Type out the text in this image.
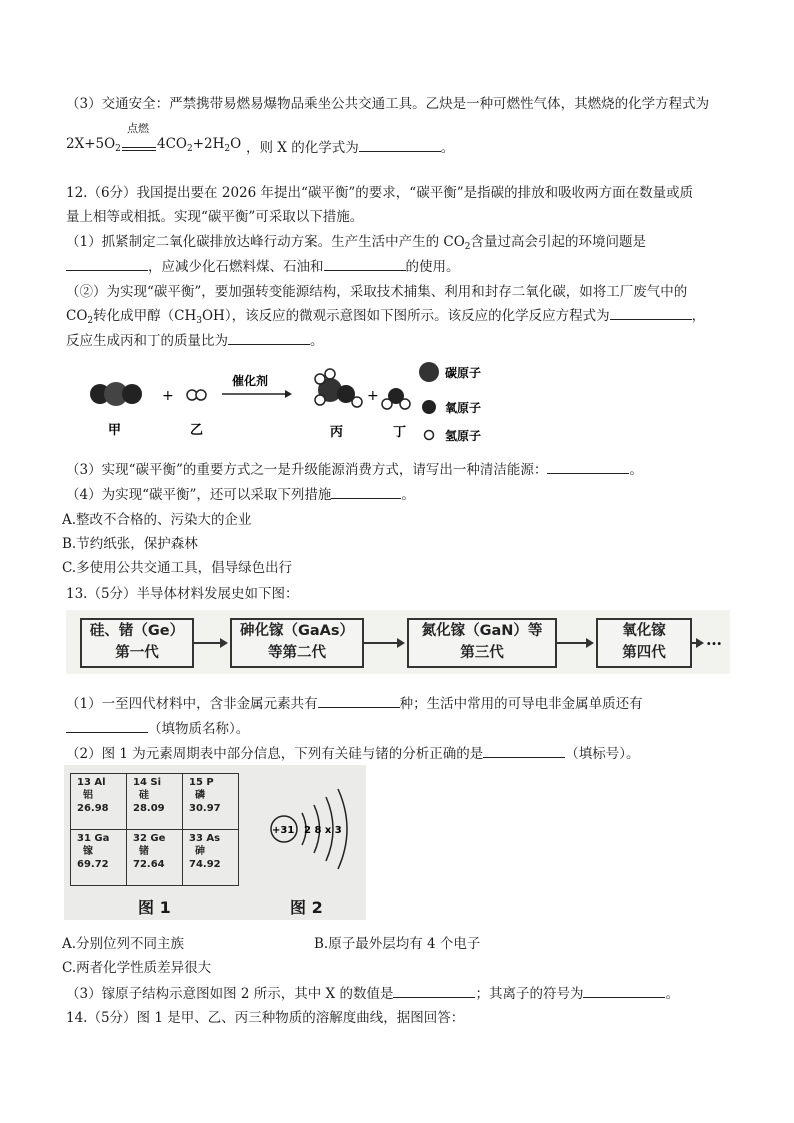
（3）交通安全：严禁携带易燃易爆物品乘坐公共交通工具。乙炔是一种可燃性气体，其燃烧的化学方程式为
$2X+5O_2$
点燃
$4CO_2+2H_2O$ ，则 X 的化学式为	。
12.（6分）我国提出要在 2026 年提出“碳平衡”的要求，“碳平衡”是指碳的排放和吸收两方面在数量或质
量上相等或相抵。实现“碳平衡”可采取以下措施。
（1）抓紧制定二氧化碳排放达峰行动方案。生产生活中产生的 $CO_2$含量过高会引起的环境问题是
，应减少化石燃料煤、石油和	的使用。
（②）为实现“碳平衡”，要加强转变能源结构，采取技术捕集、利用和封存二氧化碳，如将工厂废气中的
$CO_2$转化成甲醇$(CH_3OH)$，该反应的微观示意图如下图所示。该反应的化学反应方程式为	，
反应生成丙和丁的质量比为	。
+
催化剂
+
甲	乙	丙	丁
碳原子
氧原子
氢原子
（3）实现“碳平衡”的重要方式之一是升级能源消费方式，请写出一种清洁能源：	。
（4）为实现“碳平衡”，还可以采取下列措施	。
A.整改不合格的、污染大的企业
B.节约纸张，保护森林
C.多使用公共交通工具，倡导绿色出行
13.（5分）半导体材料发展史如下图：
硅、锗（Ge）
第一代
砷化镓（GaAs）
等第二代
氮化镓（GaN）等
第三代
氧化镓
第四代
…
（1）一至四代材料中，含非金属元素共有	种；生活中常用的可导电非金属单质还有
（填物质名称）。
（2）图 1 为元素周期表中部分信息，下列有关硅与锗的分析正确的是	（填标号）。
13 Al
铝
26.98
14 Si
硅
28.09
15 P
磷
30.97
31 Ga
镓
69.72
32 Ge
锗
72.64
33 As
砷
74.92
图 1
+31 2 8 x 3
图 2
A.分别位列不同主族	B.原子最外层均有 4 个电子
C.两者化学性质差异很大
（3）镓原子结构示意图如图 2 所示，其中 X 的数值是	；其离子的符号为	。
14.（5分）图 1 是甲、乙、丙三种物质的溶解度曲线，据图回答：
